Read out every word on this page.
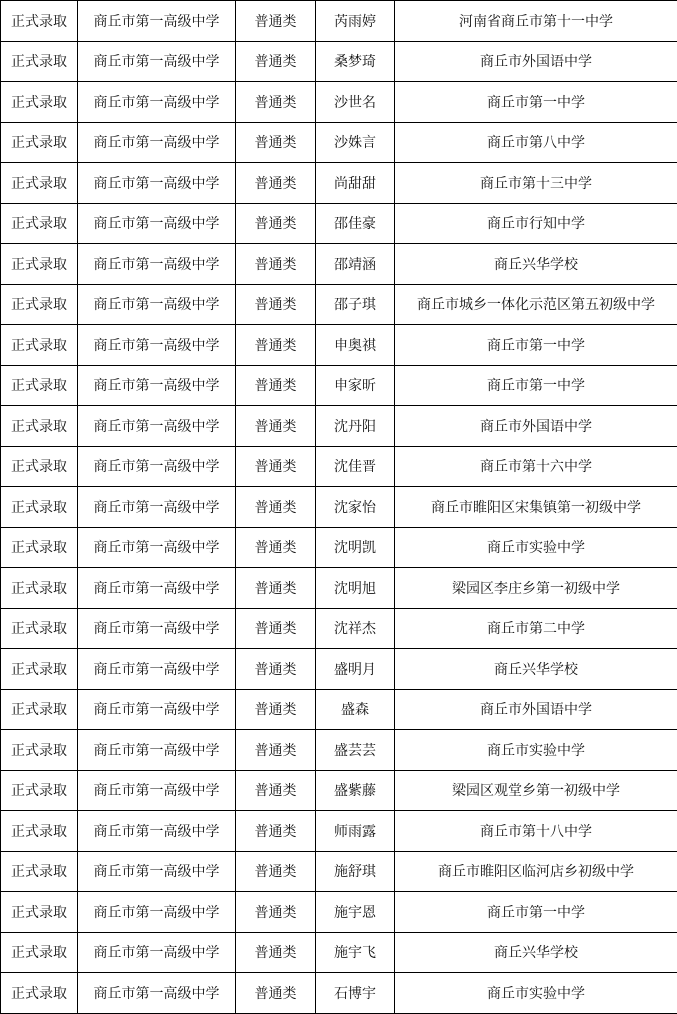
正式录取	商丘市第一高级中学	普通类	芮雨婷	河南省商丘市第十一中学
正式录取	商丘市第一高级中学	普通类	桑梦琦	商丘市外国语中学
正式录取	商丘市第一高级中学	普通类	沙世名	商丘市第一中学
正式录取	商丘市第一高级中学	普通类	沙姝言	商丘市第八中学
正式录取	商丘市第一高级中学	普通类	尚甜甜	商丘市第十三中学
正式录取	商丘市第一高级中学	普通类	邵佳豪	商丘市行知中学
正式录取	商丘市第一高级中学	普通类	邵靖涵	商丘兴华学校
正式录取	商丘市第一高级中学	普通类	邵子琪	商丘市城乡一体化示范区第五初级中学
正式录取	商丘市第一高级中学	普通类	申奥祺	商丘市第一中学
正式录取	商丘市第一高级中学	普通类	申家昕	商丘市第一中学
正式录取	商丘市第一高级中学	普通类	沈丹阳	商丘市外国语中学
正式录取	商丘市第一高级中学	普通类	沈佳晋	商丘市第十六中学
正式录取	商丘市第一高级中学	普通类	沈家怡	商丘市睢阳区宋集镇第一初级中学
正式录取	商丘市第一高级中学	普通类	沈明凯	商丘市实验中学
正式录取	商丘市第一高级中学	普通类	沈明旭	梁园区李庄乡第一初级中学
正式录取	商丘市第一高级中学	普通类	沈祥杰	商丘市第二中学
正式录取	商丘市第一高级中学	普通类	盛明月	商丘兴华学校
正式录取	商丘市第一高级中学	普通类	盛森	商丘市外国语中学
正式录取	商丘市第一高级中学	普通类	盛芸芸	商丘市实验中学
正式录取	商丘市第一高级中学	普通类	盛紫藤	梁园区观堂乡第一初级中学
正式录取	商丘市第一高级中学	普通类	师雨露	商丘市第十八中学
正式录取	商丘市第一高级中学	普通类	施舒琪	商丘市睢阳区临河店乡初级中学
正式录取	商丘市第一高级中学	普通类	施宇恩	商丘市第一中学
正式录取	商丘市第一高级中学	普通类	施宇飞	商丘兴华学校
正式录取	商丘市第一高级中学	普通类	石博宇	商丘市实验中学
